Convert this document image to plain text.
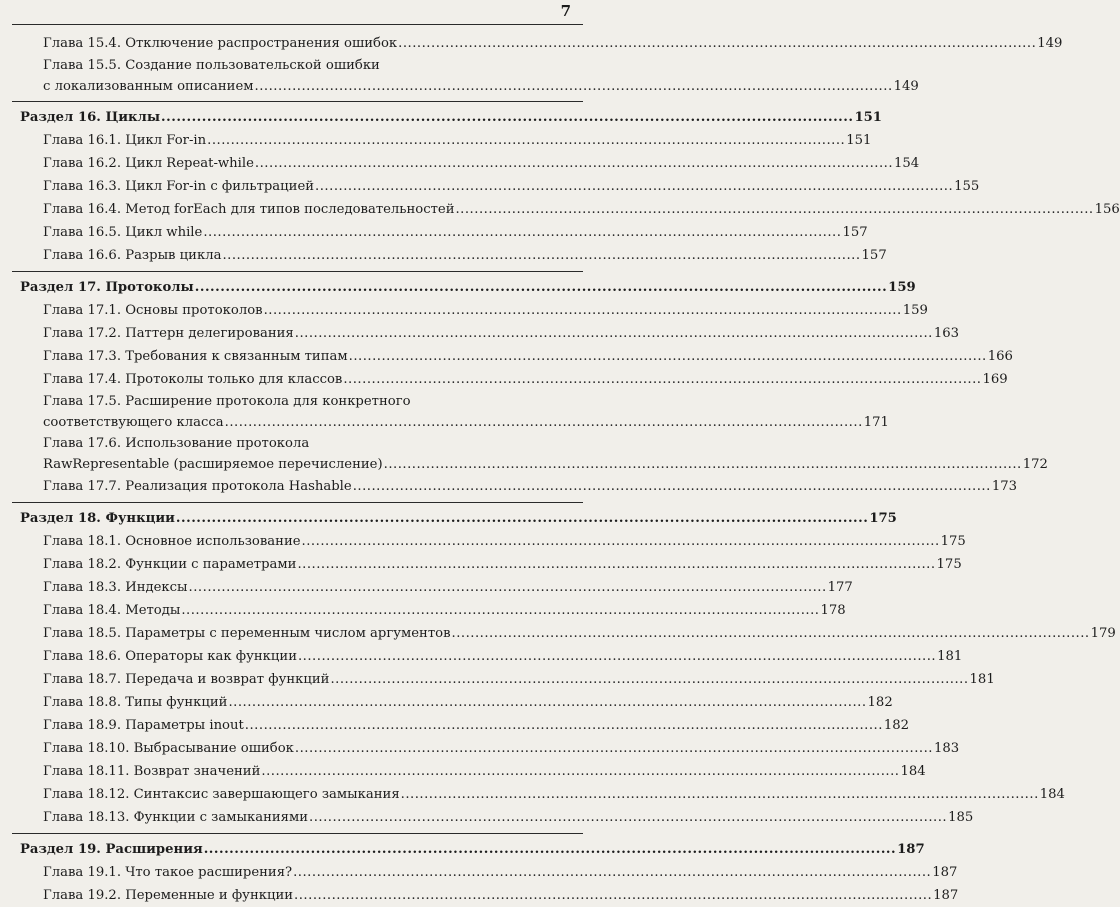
7
Глава 15.4. Отключение распространения ошибок ........................................................................................................................................ 149
Глава 15.5. Создание пользовательской ошибки
с локализованным описанием ........................................................................................................................................ 149
Раздел 16. Циклы ........................................................................................................................................ 151
Глава 16.1. Цикл For-in ........................................................................................................................................ 151
Глава 16.2. Цикл Repeat-while ........................................................................................................................................ 154
Глава 16.3. Цикл For-in с фильтрацией ........................................................................................................................................ 155
Глава 16.4. Метод forEach для типов последовательностей ........................................................................................................................................ 156
Глава 16.5. Цикл while ........................................................................................................................................ 157
Глава 16.6. Разрыв цикла ........................................................................................................................................ 157
Раздел 17. Протоколы ........................................................................................................................................ 159
Глава 17.1. Основы протоколов ........................................................................................................................................ 159
Глава 17.2. Паттерн делегирования ........................................................................................................................................ 163
Глава 17.3. Требования к связанным типам ........................................................................................................................................ 166
Глава 17.4. Протоколы только для классов ........................................................................................................................................ 169
Глава 17.5. Расширение протокола для конкретного
соответствующего класса ........................................................................................................................................ 171
Глава 17.6. Использование протокола
RawRepresentable (расширяемое перечисление) ........................................................................................................................................ 172
Глава 17.7. Реализация протокола Hashable ........................................................................................................................................ 173
Раздел 18. Функции ........................................................................................................................................ 175
Глава 18.1. Основное использование ........................................................................................................................................ 175
Глава 18.2. Функции с параметрами ........................................................................................................................................ 175
Глава 18.3. Индексы ........................................................................................................................................ 177
Глава 18.4. Методы ........................................................................................................................................ 178
Глава 18.5. Параметры с переменным числом аргументов ........................................................................................................................................ 179
Глава 18.6. Операторы как функции ........................................................................................................................................ 181
Глава 18.7. Передача и возврат функций ........................................................................................................................................ 181
Глава 18.8. Типы функций ........................................................................................................................................ 182
Глава 18.9. Параметры inout ........................................................................................................................................ 182
Глава 18.10. Выбрасывание ошибок ........................................................................................................................................ 183
Глава 18.11. Возврат значений ........................................................................................................................................ 184
Глава 18.12. Синтаксис завершающего замыкания ........................................................................................................................................ 184
Глава 18.13. Функции с замыканиями ........................................................................................................................................ 185
Раздел 19. Расширения ........................................................................................................................................ 187
Глава 19.1. Что такое расширения? ........................................................................................................................................ 187
Глава 19.2. Переменные и функции ........................................................................................................................................ 187
